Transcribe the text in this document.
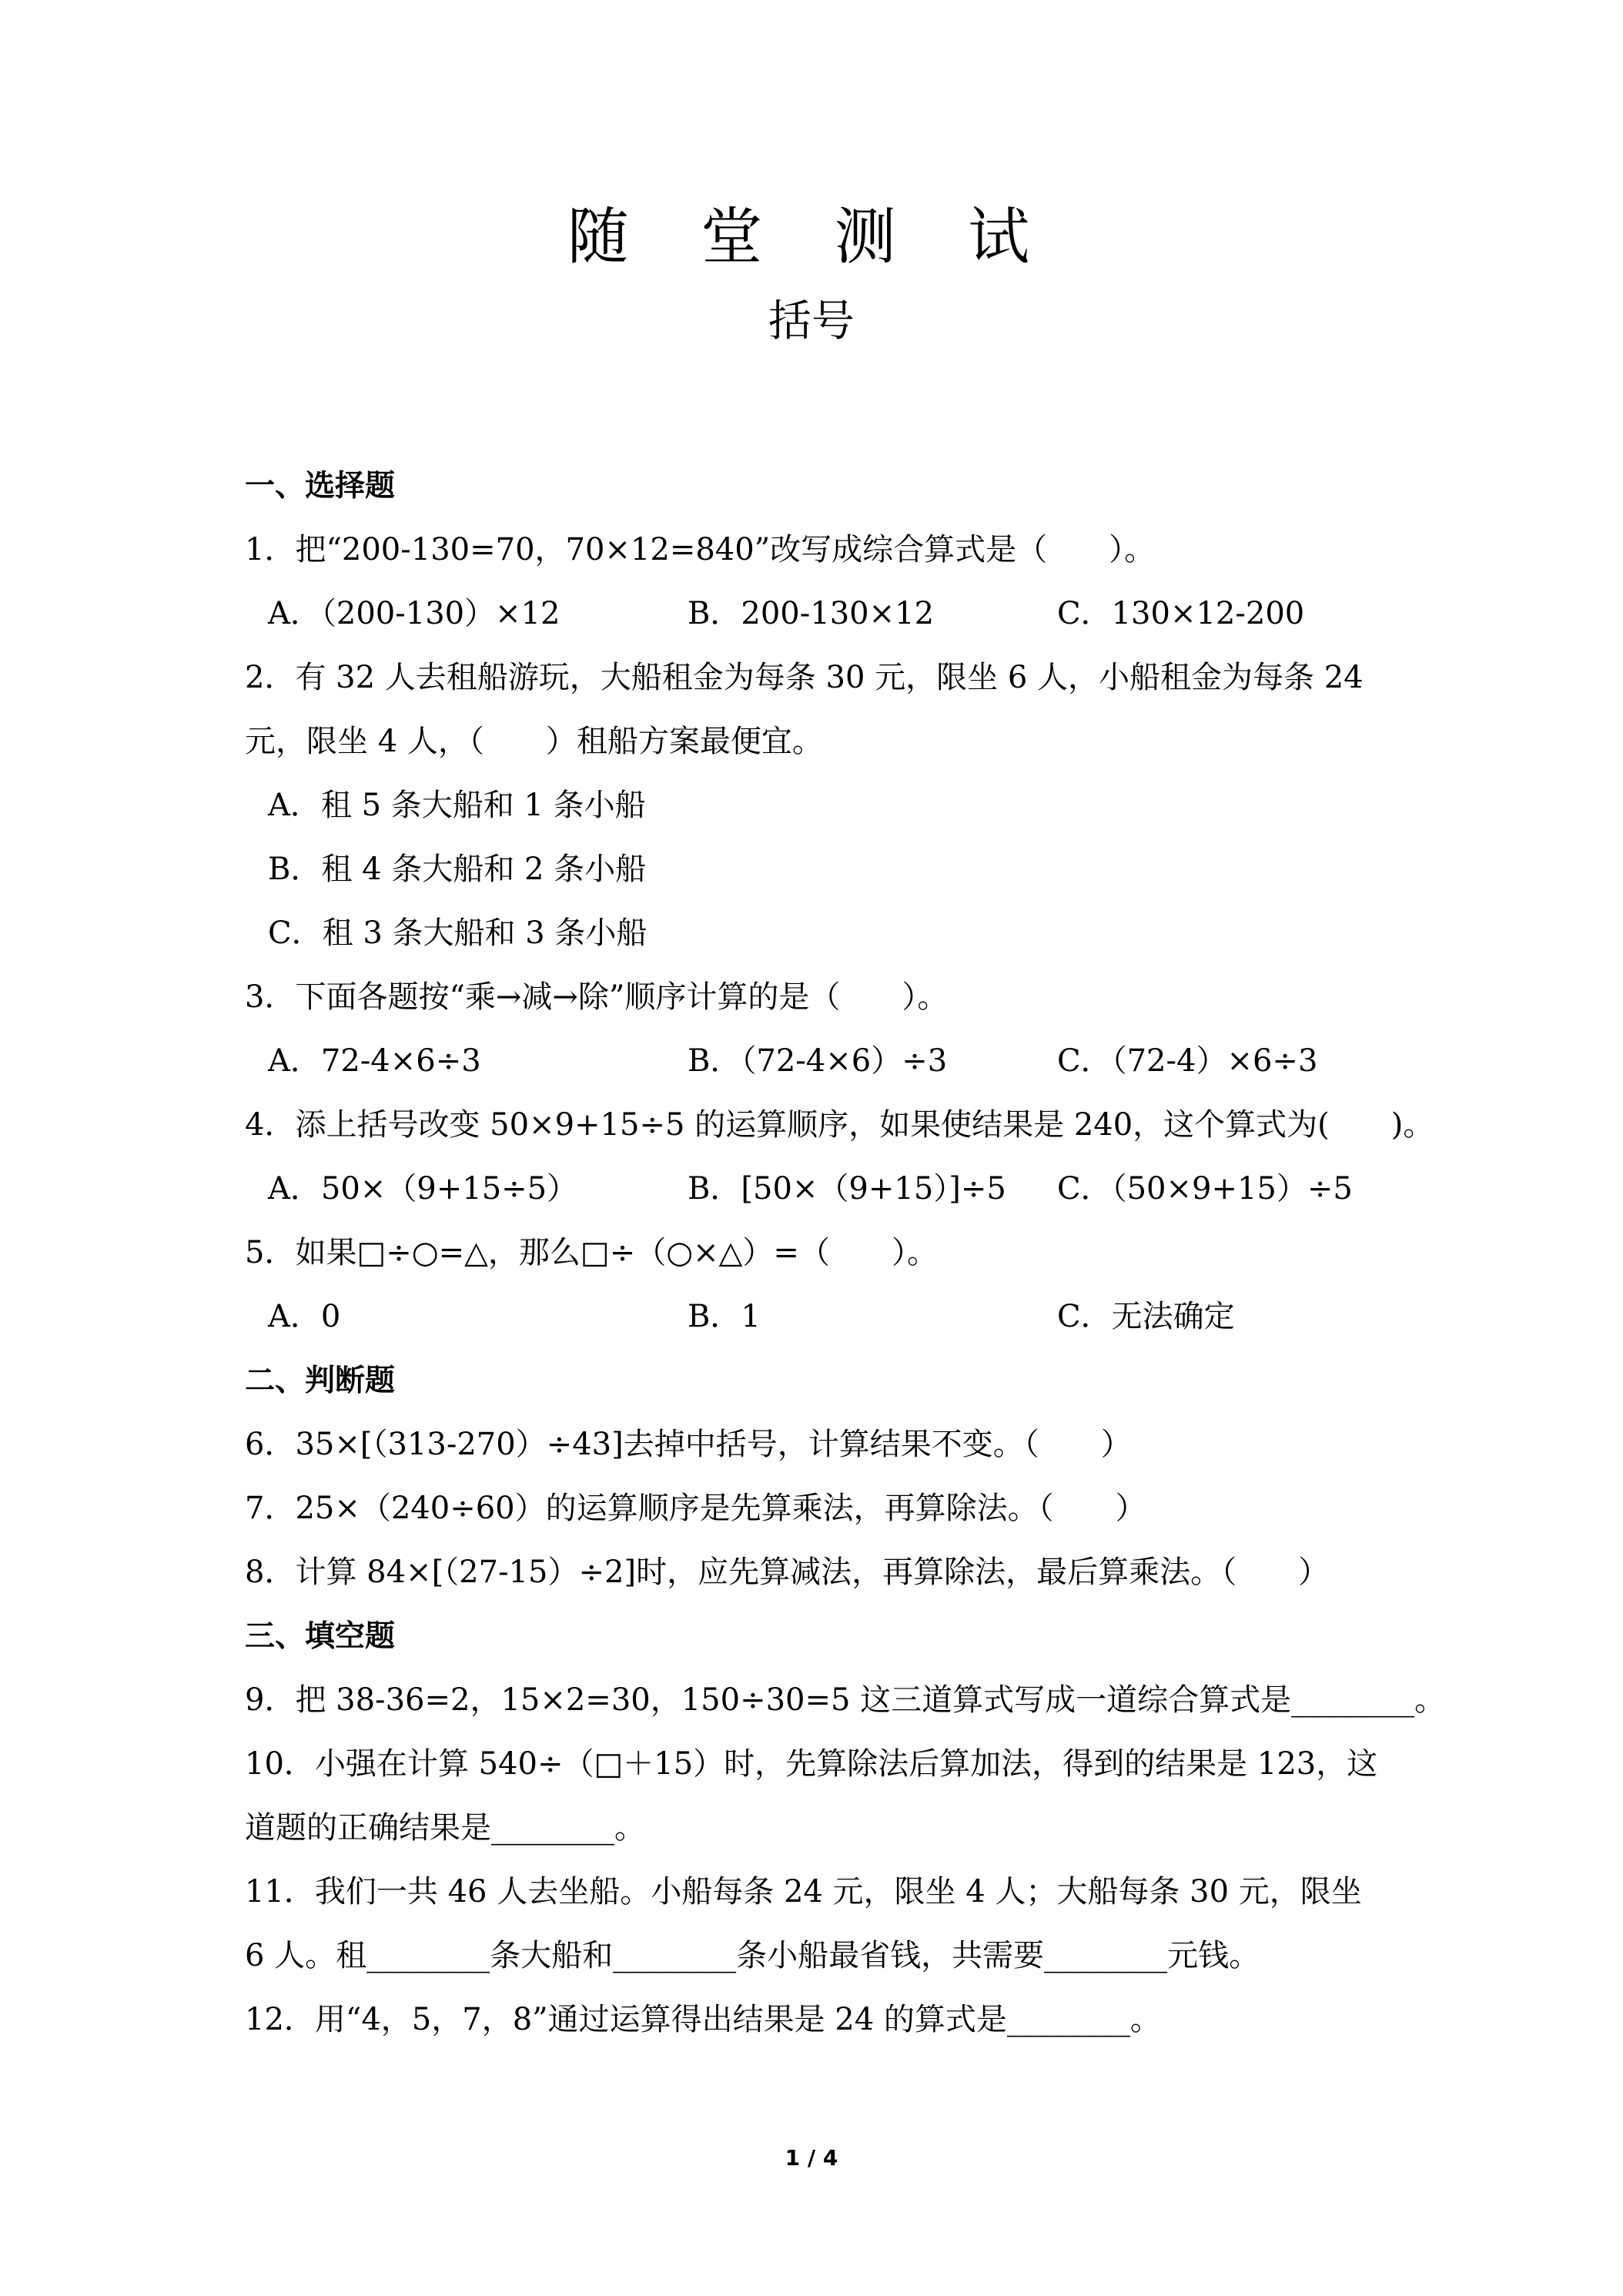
随 堂 测 试
括号
一、选择题
1．把“200-130=70，70×12=840”改写成综合算式是（　　）。
A．（200-130）×12	B．200-130×12	C．130×12-200
2．有 32 人去租船游玩，大船租金为每条 30 元，限坐 6 人，小船租金为每条 24
元，限坐 4 人，（　　）租船方案最便宜。
A．租 5 条大船和 1 条小船
B．租 4 条大船和 2 条小船
C．租 3 条大船和 3 条小船
3．下面各题按“乘→减→除”顺序计算的是（　　）。
A．72-4×6÷3	B．（72-4×6）÷3	C．（72-4）×6÷3
4．添上括号改变 50×9+15÷5 的运算顺序，如果使结果是 240，这个算式为(　　)。
A．50×（9+15÷5）	B．[50×（9+15）]÷5	C．（50×9+15）÷5
5．如果□÷○=△，那么□÷（○×△）=（　　）。
A．0	B．1	C．无法确定
二、判断题
6．35×[（313-270）÷43]去掉中括号，计算结果不变。（　　）
7．25×（240÷60）的运算顺序是先算乘法，再算除法。（　　）
8．计算 84×[（27-15）÷2]时，应先算减法，再算除法，最后算乘法。（　　）
三、填空题
9．把 38-36=2，15×2=30，150÷30=5 这三道算式写成一道综合算式是________。
10．小强在计算 540÷（□＋15）时，先算除法后算加法，得到的结果是 123，这
道题的正确结果是________。
11．我们一共 46 人去坐船。小船每条 24 元，限坐 4 人；大船每条 30 元，限坐
6 人。租________条大船和________条小船最省钱，共需要________元钱。
12．用“4，5，7，8”通过运算得出结果是 24 的算式是________。
1 / 4
